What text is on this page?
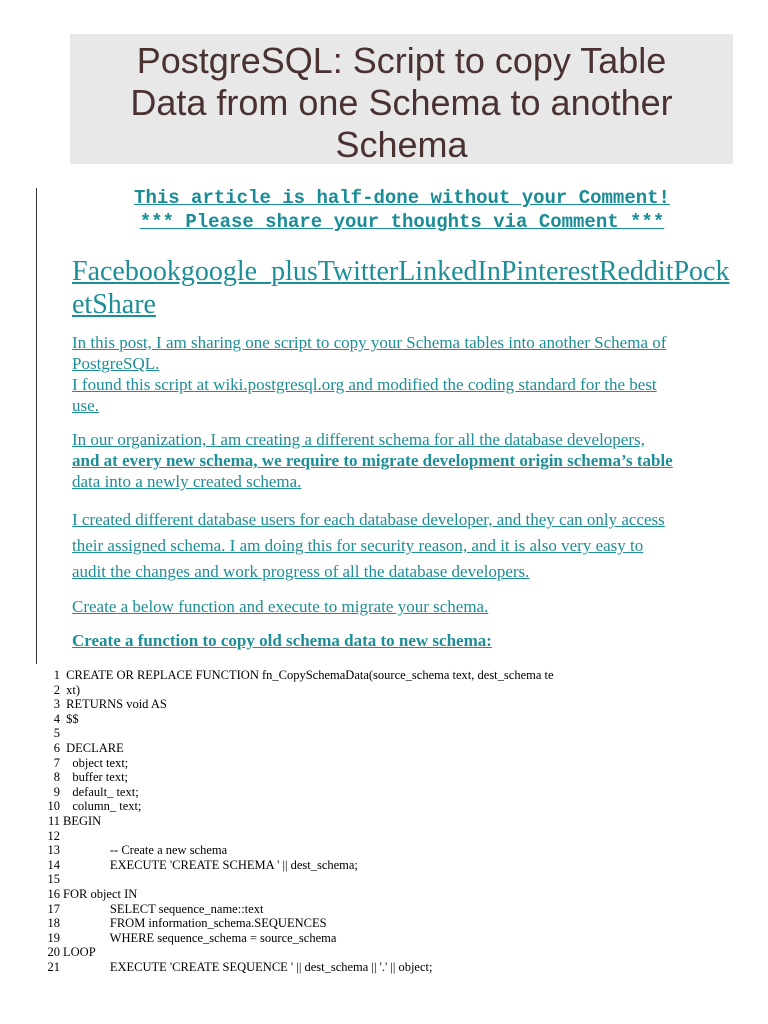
PostgreSQL: Script to copy Table
Data from one Schema to another
Schema
This article is half-done without your Comment!
*** Please share your thoughts via Comment ***
Facebookgoogle_plusTwitterLinkedInPinterestRedditPocketShare
In this post, I am sharing one script to copy your Schema tables into another Schema of
PostgreSQL.
I found this script at wiki.postgresql.org and modified the coding standard for the best
use.
In our organization, I am creating a different schema for all the database developers,
and at every new schema, we require to migrate development origin schema’s table
data into a newly created schema.
I created different database users for each database developer, and they can only access
their assigned schema. I am doing this for security reason, and it is also very easy to
audit the changes and work progress of all the database developers.
Create a below function and execute to migrate your schema.
Create a function to copy old schema data to new schema:
1 CREATE OR REPLACE FUNCTION fn_CopySchemaData(source_schema text, dest_schema te
2 xt)
3 RETURNS void AS
4 $$
5
6 DECLARE
7 object text;
8 buffer text;
9 default_ text;
10 column_ text;
11 BEGIN
12
13 -- Create a new schema
14 EXECUTE 'CREATE SCHEMA ' || dest_schema;
15
16 FOR object IN
17 SELECT sequence_name::text
18 FROM information_schema.SEQUENCES
19 WHERE sequence_schema = source_schema
20 LOOP
21 EXECUTE 'CREATE SEQUENCE ' || dest_schema || '.' || object;
